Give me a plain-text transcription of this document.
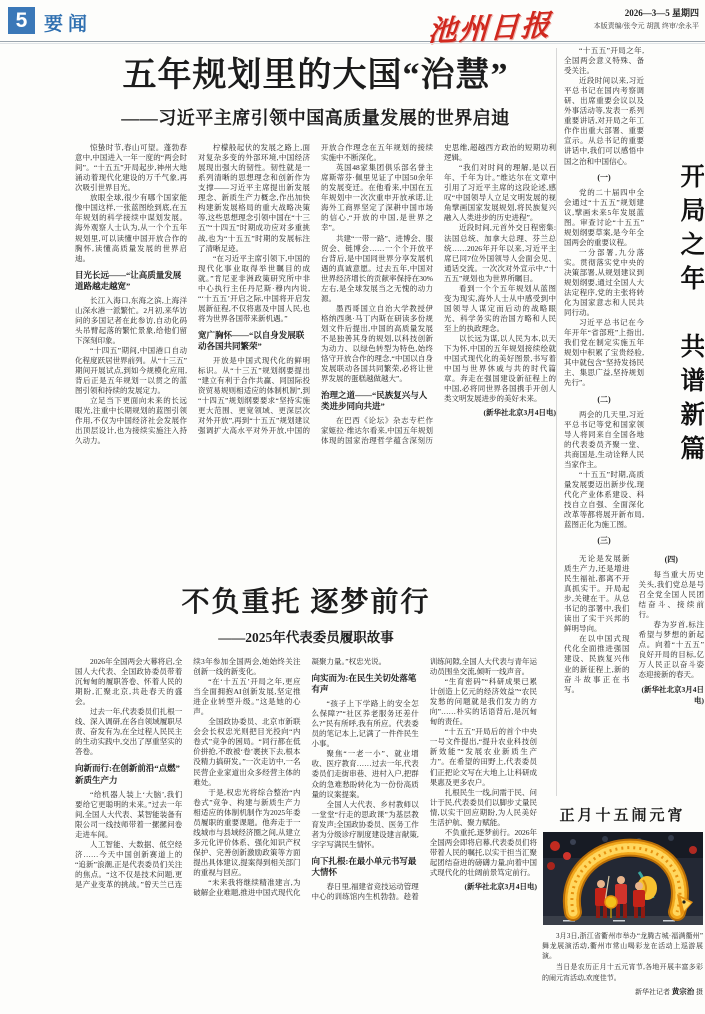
5 要闻	池州日报	2026—3—5 星期四
本版责编/张令元 胡凯 终审/余永平
五年规划里的大国“治慧”
——习近平主席引领中国高质量发展的世界启迪

惊蛰时节,春山可望。蓬勃春意中,中国进入一年一度的“两会时间”。“十五五”开局起步,神州大地涌动着现代化建设的万千气象,再次吸引世界目光。

放眼全球,很少有哪个国家能像中国这样,一张蓝图绘到底,在五年规划的科学接续中谋划发展。海外观察人士认为,从一个个五年规划里,可以读懂中国开放合作的胸怀,读懂高质量发展的世界启迪。

目光长远——“让高质量发展道路越走越宽”

长江入海口,东海之滨,上海洋山深水港一派繁忙。2月初,来华访问的多国记者在此参访,自动化码头吊臂起落的繁忙景象,给他们留下深刻印象。

“十四五”期间,中国港口自动化程度跃居世界前列。从“十三五”期间开展试点,到如今规模化应用,背后正是五年规划一以贯之的蓝图引领和持续的发展定力。

立足当下更面向未来的长远眼光,注重中长期规划的蓝图引领作用,不仅为中国经济社会发展作出顶层设计,也为接续实施注入持久动力。

柠檬般起伏的发展之路上,面对复杂多变的外部环境,中国经济展现出强大的韧性。韧性就是一系列清晰的思想理念和创新作为支撑——习近平主席提出新发展理念、新质生产力概念,作出加快构建新发展格局的重大战略决策等,这些思想理念引领中国在“十三五”“十四五”时期成功应对多重挑战,也为“十五五”时期的发展标注了清晰足迹。

“在习近平主席引领下,中国的现代化事业取得举世瞩目的成就。”肯尼亚非洲政策研究所中非中心执行主任丹尼斯·穆内内说,“‘十五五’开启之际,中国将开启发展新征程,不仅将惠及中国人民,也将为世界各国带来新机遇。”

宽广胸怀——“以自身发展联动各国共同繁荣”

开放是中国式现代化的鲜明标识。从“十三五”规划纲要提出“建立有利于合作共赢、同国际投资贸易规则相适应的体制机制”,到“十四五”规划纲要要求“坚持实施更大范围、更宽领域、更深层次对外开放”,再到“十五五”规划建议强调扩大高水平对外开放,中国的开放合作理念在五年规划的接续实施中不断深化。

英国48家集团俱乐部名誉主席斯蒂芬·佩里见证了中国50余年的发展变迁。在他看来,中国在五年规划中一次次重申开放承诺,让海外工商界坚定了深耕中国市场的信心,“开放的中国,是世界之幸”。

共建“一带一路”、进博会、服贸会、链博会……一个个开放平台背后,是中国同世界分享发展机遇的真诚意愿。过去五年,中国对世界经济增长的贡献率保持在30%左右,是全球发展当之无愧的动力源。

墨西哥国立自治大学教授伊格纳西奥·马丁内斯在研读多份规划文件后提出,中国的高质量发展不是独善其身的规划,以科技创新为动力、以绿色转型为特色,始终恪守开放合作的理念,“中国以自身发展联动各国共同繁荣,必将让世界发展的蛋糕越做越大”。

治理之道——“民族复兴与人类进步同向共进”

在巴西《论坛》杂志专栏作家姬拉·维达尔看来,中国五年规划体现的国家治理哲学蕴含深刻历史思维,超越西方政治的短期功利逻辑。

“我们对时间的理解,是以百年、千年为计。”维达尔在文章中引用了习近平主席的这段论述,感叹“中国领导人立足文明发展的视角擘画国家发展规划,将民族复兴融入人类进步的历史进程”。

近段时间,元首外交日程密集:法国总统、加拿大总理、芬兰总统……2026年开年以来,习近平主席已同7位外国领导人会面会见、通话交流。一次次对外宣示中,“十五五”规划也为世界所瞩目。

看到一个个五年规划从蓝图变为现实,海外人士从中感受到中国领导人谋定而后动的战略眼光、科学务实的治国方略和人民至上的执政理念。

以长远为谋,以人民为本,以天下为怀,中国的五年规划接续绘就中国式现代化的美好图景,书写着中国与世界休戚与共的时代篇章。奔走在强国建设新征程上的中国,必将同世界各国携手开创人类文明发展进步的美好未来。

(新华社北京3月4日电)

“十五五”开局之年,全国两会意义特殊、备受关注。

近段时间以来,习近平总书记在国内考察调研、出席重要会议以及外事活动等,发表一系列重要讲话,对开局之年工作作出重大部署、重要宣示。从总书记的重要讲话中,我们可以感悟中国之治和中国信心。

(一)

党的二十届四中全会通过“十五五”规划建议,擘画未来5年发展蓝图。审查讨论“十五五”规划纲要草案,是今年全国两会的重要议程。

一分部署,九分落实。贯彻落实党中央的决策部署,从规划建议到规划纲要,通过全国人大法定程序,党的主张将转化为国家意志和人民共同行动。

习近平总书记在今年开年“省部班”上指出,我们党在制定实施五年规划中积累了宝贵经验,其中就包含“坚持发扬民主、集思广益,坚持规划先行”。

(二)

两会的几天里,习近平总书记等党和国家领导人将同来自全国各地的代表委员齐聚一堂、共商国是,生动诠释人民当家作主。

“十五五”时期,高质量发展要迈出新步伐,现代化产业体系建设、科技自立自强、全面深化改革等都将展开新布局,蓝图正化为施工图。

(三)
开局之年　共谱新篇

无论是发展新质生产力,还是增进民生福祉,都离不开真抓实干。开局起步,关键在干。从总书记的部署中,我们读出了实干兴邦的鲜明导向。

在以中国式现代化全面推进强国建设、民族复兴伟业的新征程上,新的奋斗故事正在书写。

(四)

每当重大历史关头,我们党总是号召全党全国人民团结奋斗、接续前行。

春为岁首,标注希望与梦想的新起点。向着“十五五”良好开局的目标,亿万人民正以奋斗姿态迎接新的春天。

(新华社北京3月4日电)

不负重托 逐梦前行
——2025年代表委员履职故事

2026年全国两会大幕将启,全国人大代表、全国政协委员带着沉甸甸的履职答卷、怀着人民的期盼,汇聚北京,共赴春天的盛会。

过去一年,代表委员们扎根一线、深入调研,在各自领域履职尽责、奋发有为,在全过程人民民主的生动实践中,交出了厚重坚实的答卷。

向新而行:在创新前沿“点燃”新质生产力

“给机器人装上‘大脑’,我们要给它更聪明的未来。”过去一年间,全国人大代表、某智能装备有限公司一线技师带着一摞摞问卷走进车间。

人工智能、大数据、低空经济……今天中国创新赛道上的“追新”浪潮,正是代表委员们关注的焦点。“这不仅是技术问题,更是产业变革的挑战。”曾天兰已连续3年参加全国两会,她始终关注创新一线的新变化。

“在‘十五五’开局之年,更应当全面拥抱AI创新发展,坚定推进企业转型升级。”这是她的心声。

全国政协委员、北京市新联会会长权忠光则把目光投向“内卷式”竞争的困局。“同行都在低价拼抢,不敢被‘卷’裹挟下去,根本没精力搞研发。”一次走访中,一名民营企业家道出众多经营主体的难处。

于是,权忠光将综合整治“内卷式”竞争、构建与新质生产力相适应的体制机制作为2025年委员履职的重要课题。他奔走于一线城市与县域经济圈之间,从建立多元化评价体系、强化知识产权保护、完善创新激励政策等方面提出具体建议,提案得到相关部门的重视与回应。

“未来我将继续精准建言,为破解企业难题,推进中国式现代化凝聚力量。”权忠光说。

向实而为:在民生关切处落笔有声

“孩子上下学路上的安全怎么保障?”“社区养老服务还差什么?”民有所呼,我有所应。代表委员的笔记本上,记满了一件件民生小事。

聚焦“一老一小”、就业增收、医疗教育……过去一年,代表委员们走街串巷、进村入户,把群众的急难愁盼转化为一份份高质量的议案提案。

全国人大代表、乡村教师以一堂堂“行走的思政课”为基层教育发声;全国政协委员、医务工作者为分级诊疗制度建设建言献策,字字写满民生情怀。

向下扎根:在最小单元书写最大情怀

春日里,福建省竞技运动管理中心的训练馆内生机勃勃。趁着训练间隙,全国人大代表与青年运动员围坐交流,倾听一线声音。

“生育密码”“科研成果已累计创造上亿元的经济效益”“农民发愁的问题就是我们发力的方向”……朴实的话语背后,是沉甸甸的责任。

“十五五”开局后的首个中央一号文件提出,“提升农业科技创新效能”“发展农业新质生产力”。在希望的田野上,代表委员们正把论文写在大地上,让科研成果惠及更多农户。

扎根民生一线,问需于民、问计于民,代表委员们以脚步丈量民情,以实干回应期盼,为人民美好生活护航、聚力赋能。

不负重托,逐梦前行。2026年全国两会即将启幕,代表委员们将带着人民的嘱托,以实干担当汇聚起团结奋进的磅礴力量,向着中国式现代化的壮阔前景笃定前行。

(新华社北京3月4日电)

正月十五闹元宵

3月3日,浙江省衢州市举办“龙腾古城·福满衢州”舞龙展演活动,衢州市常山喝彩龙在活动上巡游展演。

当日是农历正月十五元宵节,各地开展丰富多彩的闹元宵活动,欢度佳节。

新华社记者 黄宗治 摄
